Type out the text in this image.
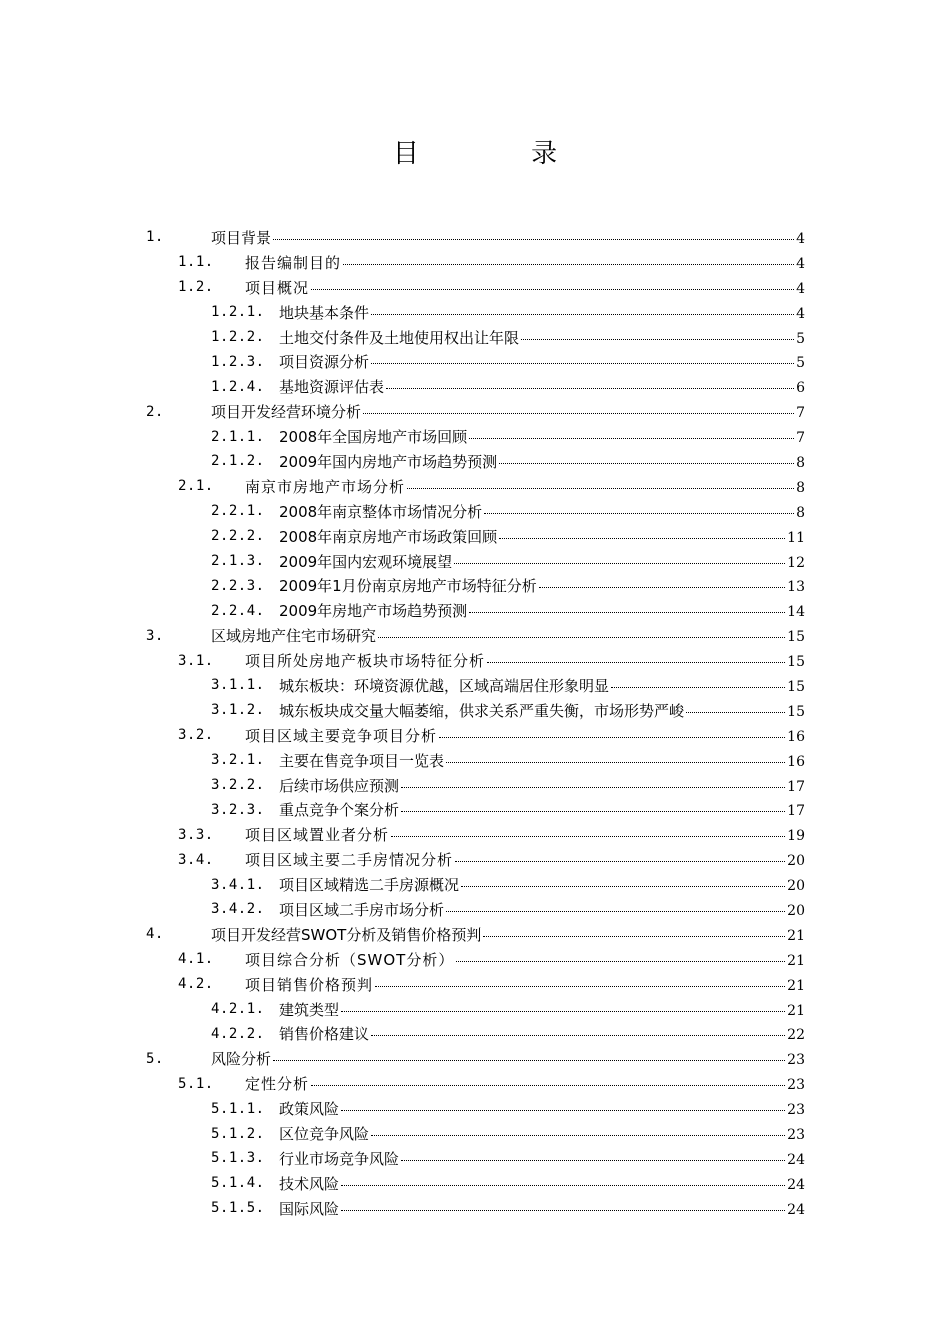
目 录
1.	项目背景	4
1.1. 报告编制目的	4
1.2. 项目概况	4
1.2.1. 地块基本条件	4
1.2.2. 土地交付条件及土地使用权出让年限	5
1.2.3. 项目资源分析	5
1.2.4. 基地资源评估表	6
2.	项目开发经营环境分析	7
2.1.1. 2008年全国房地产市场回顾	7
2.1.2. 2009年国内房地产市场趋势预测	8
2.1. 南京市房地产市场分析	8
2.2.1. 2008年南京整体市场情况分析	8
2.2.2. 2008年南京房地产市场政策回顾	11
2.1.3. 2009年国内宏观环境展望	12
2.2.3. 2009年1月份南京房地产市场特征分析	13
2.2.4. 2009年房地产市场趋势预测	14
3.	区域房地产住宅市场研究	15
3.1. 项目所处房地产板块市场特征分析	15
3.1.1. 城东板块：环境资源优越，区域高端居住形象明显	15
3.1.2. 城东板块成交量大幅萎缩，供求关系严重失衡，市场形势严峻	15
3.2. 项目区域主要竞争项目分析	16
3.2.1. 主要在售竞争项目一览表	16
3.2.2. 后续市场供应预测	17
3.2.3. 重点竞争个案分析	17
3.3. 项目区域置业者分析	19
3.4. 项目区域主要二手房情况分析	20
3.4.1. 项目区域精选二手房源概况	20
3.4.2. 项目区域二手房市场分析	20
4.	项目开发经营SWOT分析及销售价格预判	21
4.1. 项目综合分析（SWOT分析）	21
4.2. 项目销售价格预判	21
4.2.1. 建筑类型	21
4.2.2. 销售价格建议	22
5.	风险分析	23
5.1. 定性分析	23
5.1.1. 政策风险	23
5.1.2. 区位竞争风险	23
5.1.3. 行业市场竞争风险	24
5.1.4. 技术风险	24
5.1.5. 国际风险	24
